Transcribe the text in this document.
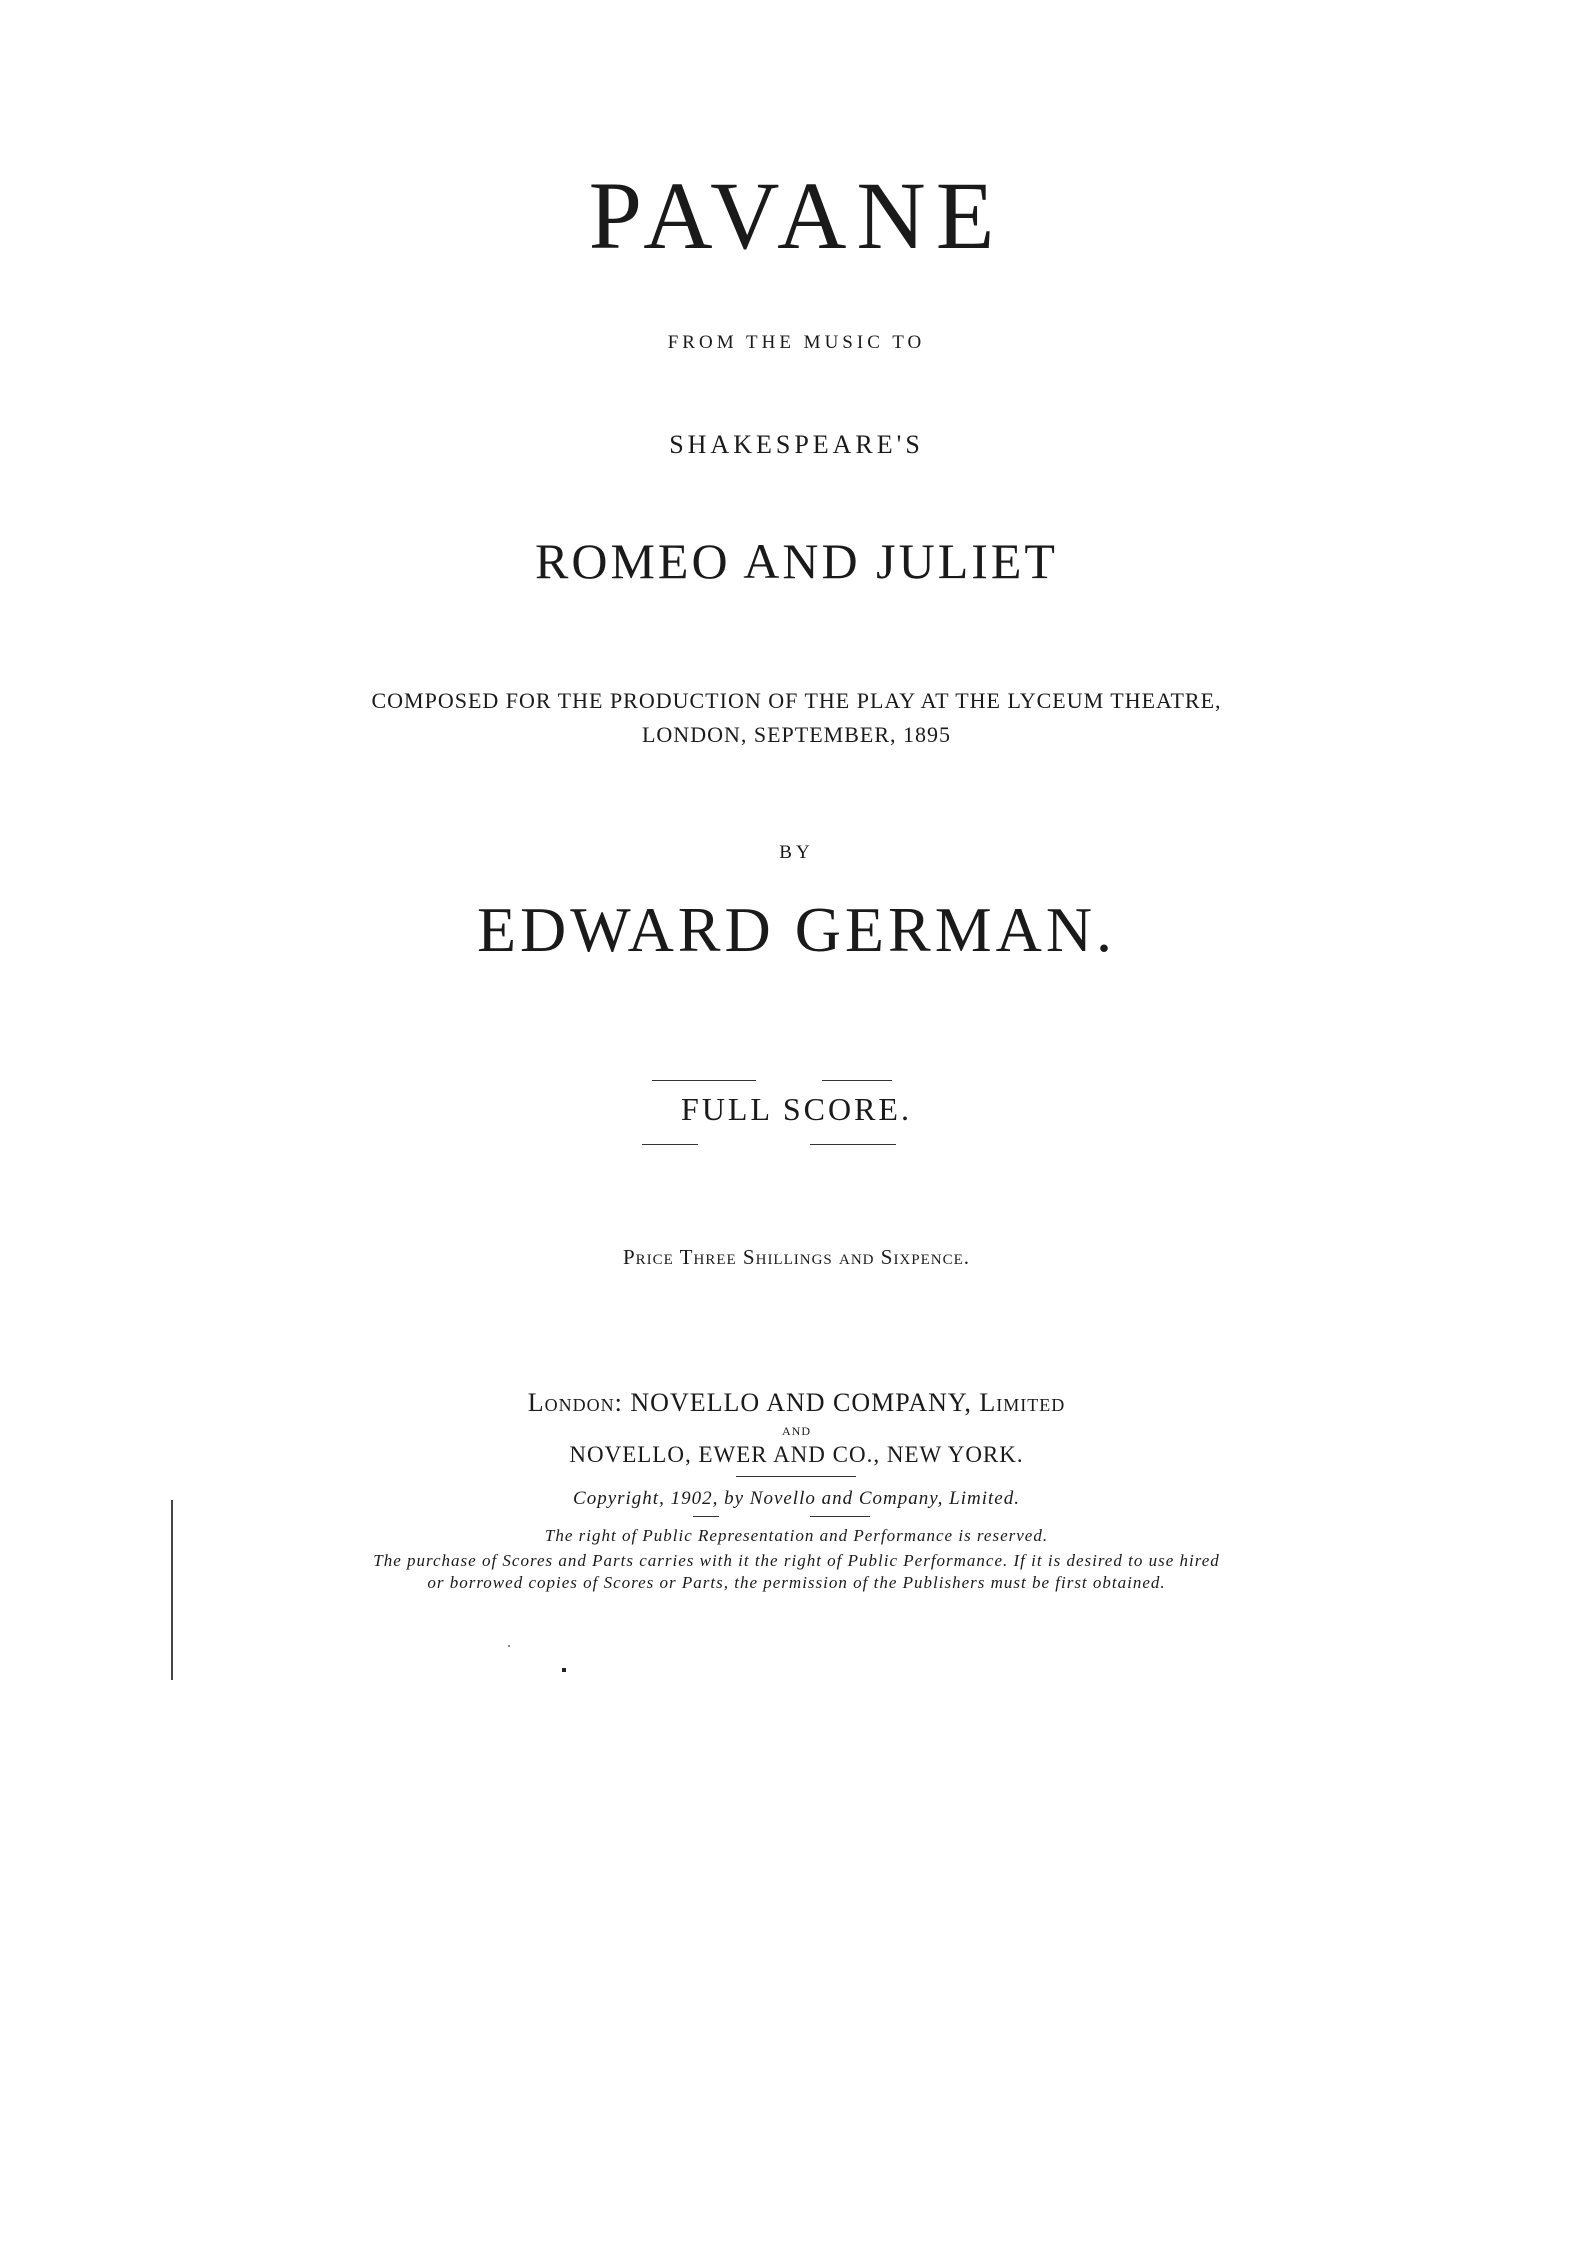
PAVANE
FROM THE MUSIC TO
SHAKESPEARE'S
ROMEO AND JULIET
COMPOSED FOR THE PRODUCTION OF THE PLAY AT THE LYCEUM THEATRE,
LONDON, SEPTEMBER, 1895
BY
EDWARD GERMAN.
FULL SCORE.
Price Three Shillings and Sixpence.
London: NOVELLO AND COMPANY, Limited
AND
NOVELLO, EWER AND CO., NEW YORK.
Copyright, 1902, by Novello and Company, Limited.
The right of Public Representation and Performance is reserved.
The purchase of Scores and Parts carries with it the right of Public Performance. If it is desired to use hired
or borrowed copies of Scores or Parts, the permission of the Publishers must be first obtained.
